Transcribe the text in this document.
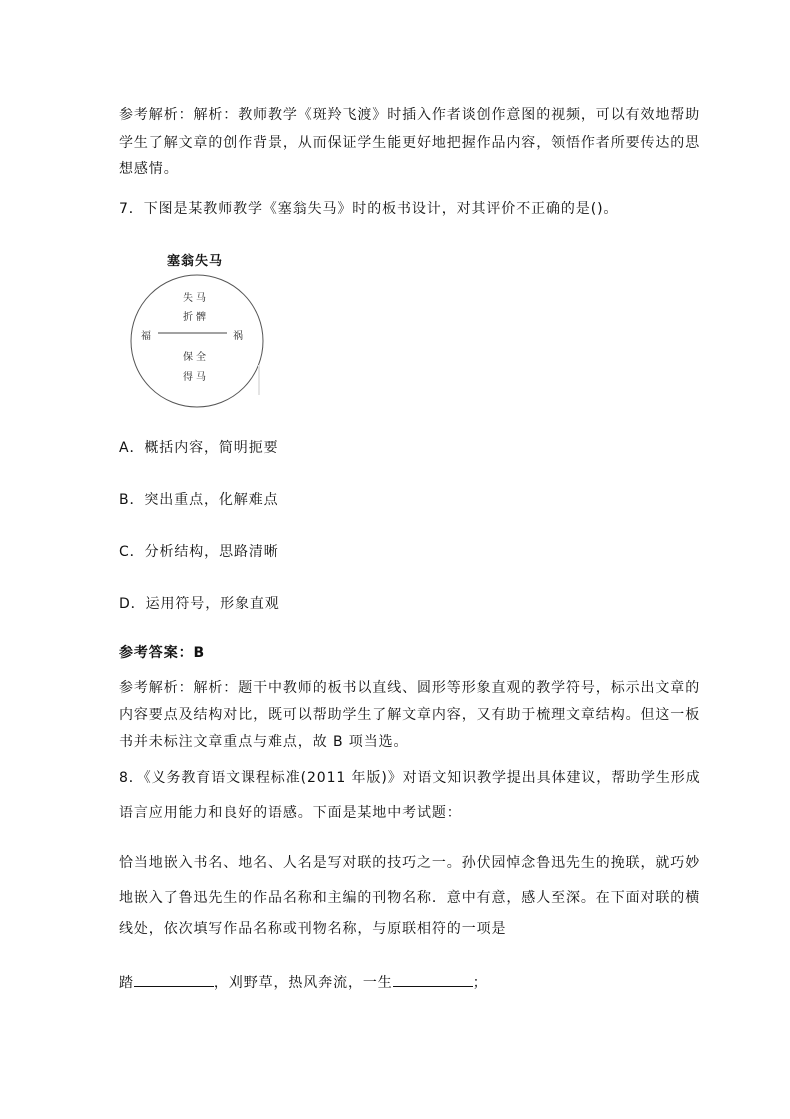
参考解析：解析：教师教学《斑羚飞渡》时插入作者谈创作意图的视频，可以有效地帮助
学生了解文章的创作背景，从而保证学生能更好地把握作品内容，领悟作者所要传达的思
想感情。
7．下图是某教师教学《塞翁失马》时的板书设计，对其评价不正确的是()。
塞翁失马
失马
折髀
福	祸
保全
得马
A．概括内容，简明扼要
B．突出重点，化解难点
C．分析结构，思路清晰
D．运用符号，形象直观
参考答案：B
参考解析：解析：题干中教师的板书以直线、圆形等形象直观的教学符号，标示出文章的
内容要点及结构对比，既可以帮助学生了解文章内容，又有助于梳理文章结构。但这一板
书并未标注文章重点与难点，故 B 项当选。
8．《义务教育语文课程标准(2011 年版)》对语文知识教学提出具体建议，帮助学生形成
语言应用能力和良好的语感。下面是某地中考试题：
恰当地嵌入书名、地名、人名是写对联的技巧之一。孙伏园悼念鲁迅先生的挽联，就巧妙
地嵌入了鲁迅先生的作品名称和主编的刊物名称．意中有意，感人至深。在下面对联的横
线处，依次填写作品名称或刊物名称，与原联相符的一项是
踏	，刈野草，热风奔流，一生	；
